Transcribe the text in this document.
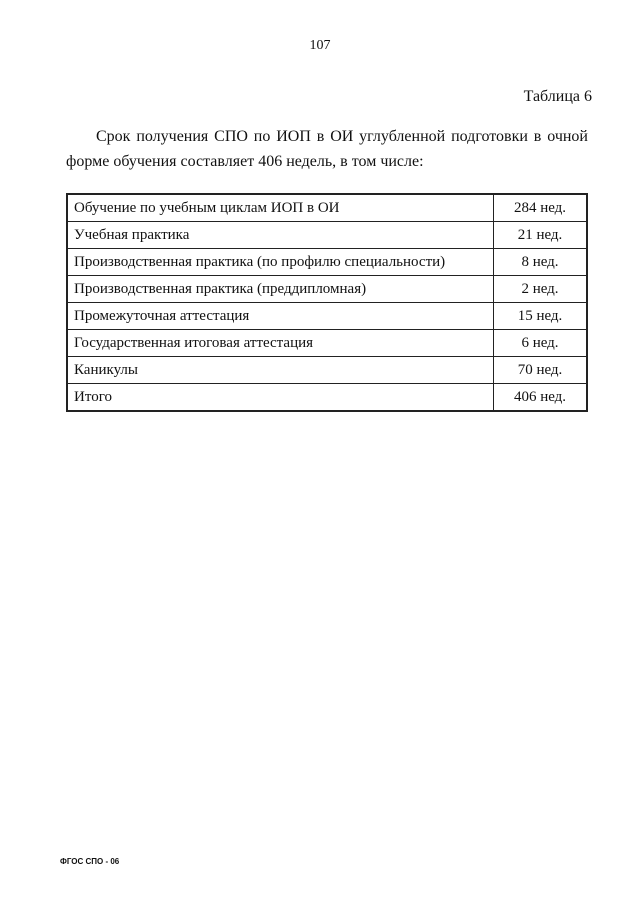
107
Таблица 6
Срок получения СПО по ИОП в ОИ углубленной подготовки в очной форме обучения составляет 406 недель, в том числе:
Обучение по учебным циклам ИОП в ОИ	284 нед.
Учебная практика	21 нед.
Производственная практика (по профилю специальности)	8 нед.
Производственная практика (преддипломная)	2 нед.
Промежуточная аттестация	15 нед.
Государственная итоговая аттестация	6 нед.
Каникулы	70 нед.
Итого	406 нед.
ФГОС СПО - 06
